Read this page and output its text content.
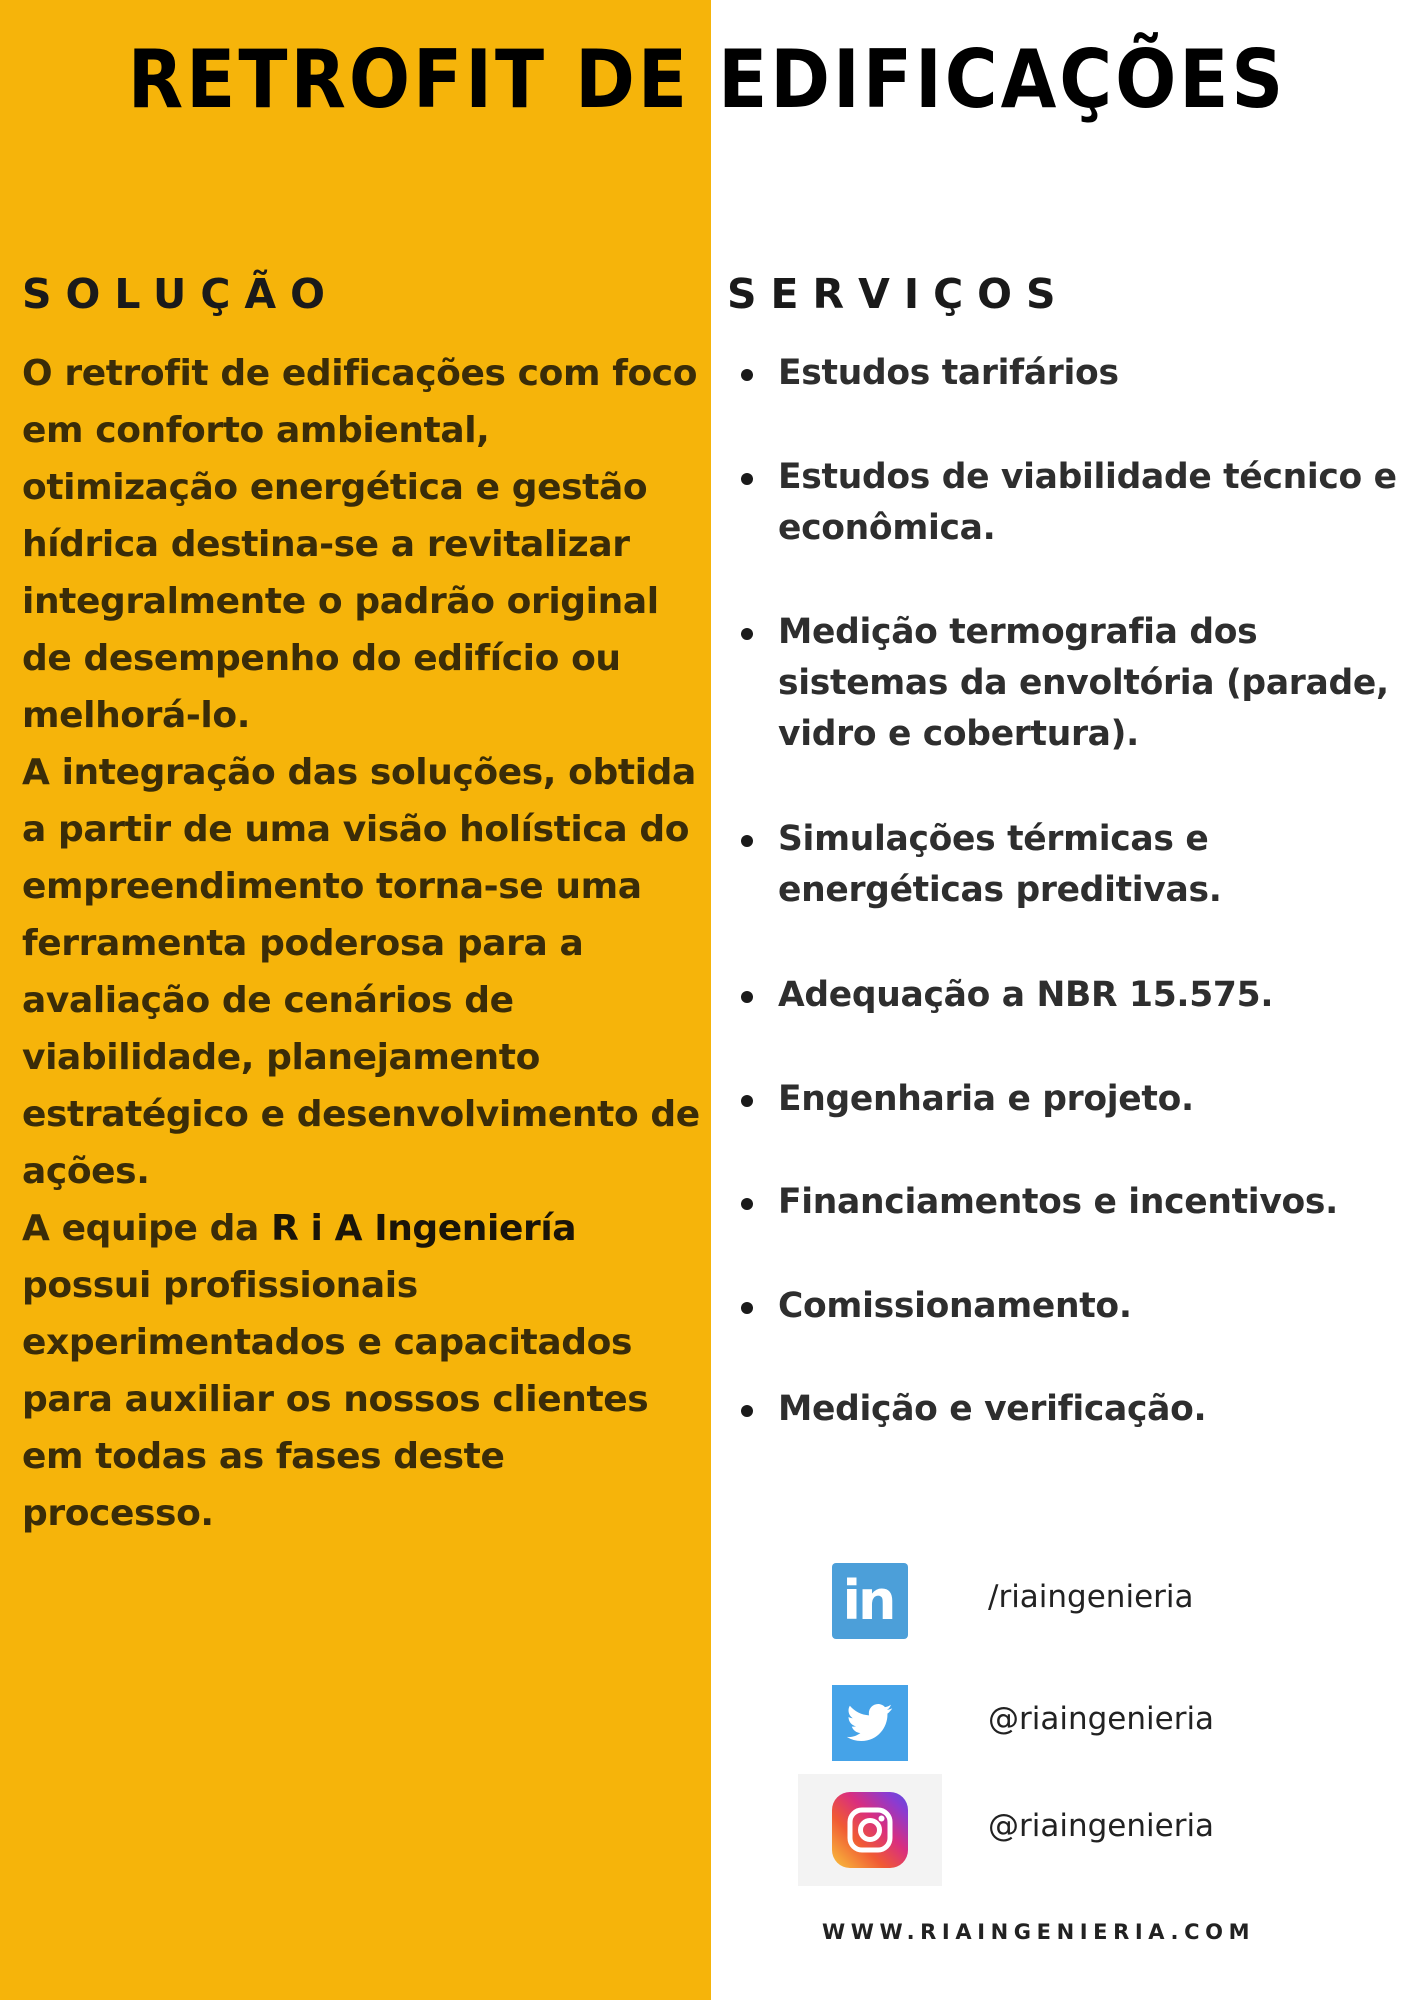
RETROFIT DE EDIFICAÇÕES
SOLUÇÃO	SERVIÇOS

O retrofit de edificações com foco em conforto ambiental, otimização energética e gestão hídrica destina-se a revitalizar integralmente o padrão original de desempenho do edifício ou melhorá-lo.

A integração das soluções, obtida a partir de uma visão holística do empreendimento torna-se uma ferramenta poderosa para a avaliação de cenários de viabilidade, planejamento estratégico e desenvolvimento de ações.

A equipe da R i A Ingeniería possui profissionais experimentados e capacitados para auxiliar os nossos clientes em todas as fases deste processo.

Estudos tarifários
Estudos de viabilidade técnico e econômica.
Medição termografia dos sistemas da envoltória (parade, vidro e cobertura).
Simulações térmicas e energéticas preditivas.
Adequação a NBR 15.575.
Engenharia e projeto.
Financiamentos e incentivos.
Comissionamento.
Medição e verificação.
in	/riaingenieria
@riaingenieria
@riaingenieria
WWW.RIAINGENIERIA.COM
